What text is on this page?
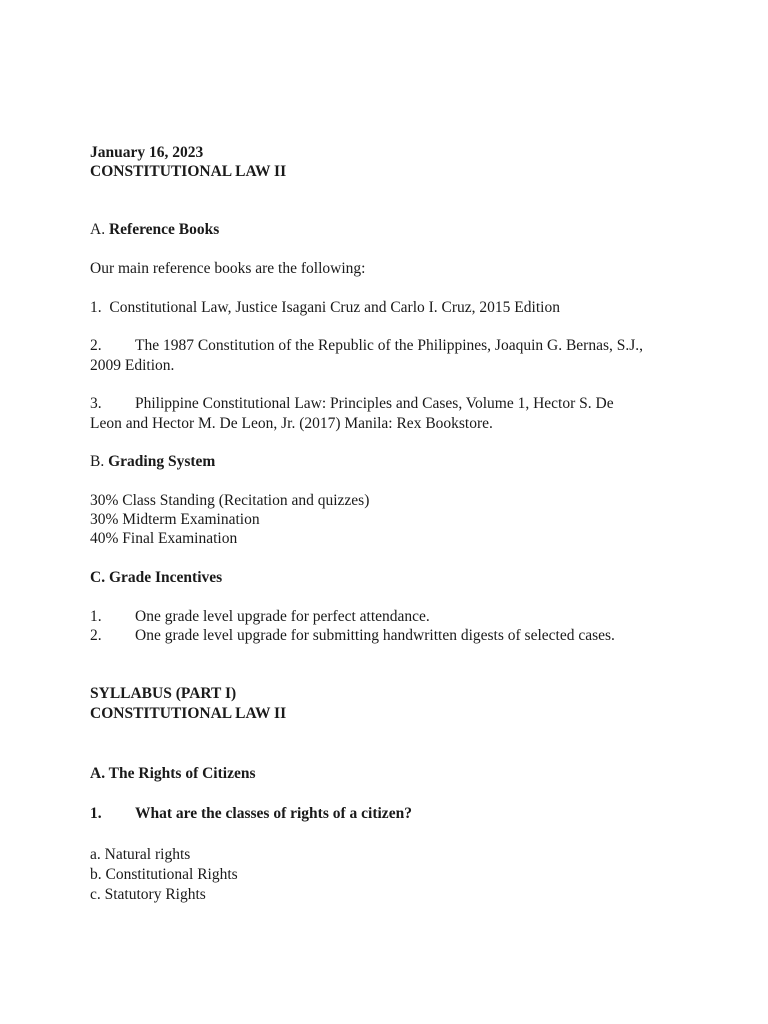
January 16, 2023
CONSTITUTIONAL LAW II
A. Reference Books
Our main reference books are the following:
1. Constitutional Law, Justice Isagani Cruz and Carlo I. Cruz, 2015 Edition
2. The 1987 Constitution of the Republic of the Philippines, Joaquin G. Bernas, S.J.,
2009 Edition.
3. Philippine Constitutional Law: Principles and Cases, Volume 1, Hector S. De
Leon and Hector M. De Leon, Jr. (2017) Manila: Rex Bookstore.
B. Grading System
30% Class Standing (Recitation and quizzes)
30% Midterm Examination
40% Final Examination
C. Grade Incentives
1. One grade level upgrade for perfect attendance.
2. One grade level upgrade for submitting handwritten digests of selected cases.
SYLLABUS (PART I)
CONSTITUTIONAL LAW II
A. The Rights of Citizens
1. What are the classes of rights of a citizen?
a. Natural rights
b. Constitutional Rights
c. Statutory Rights
